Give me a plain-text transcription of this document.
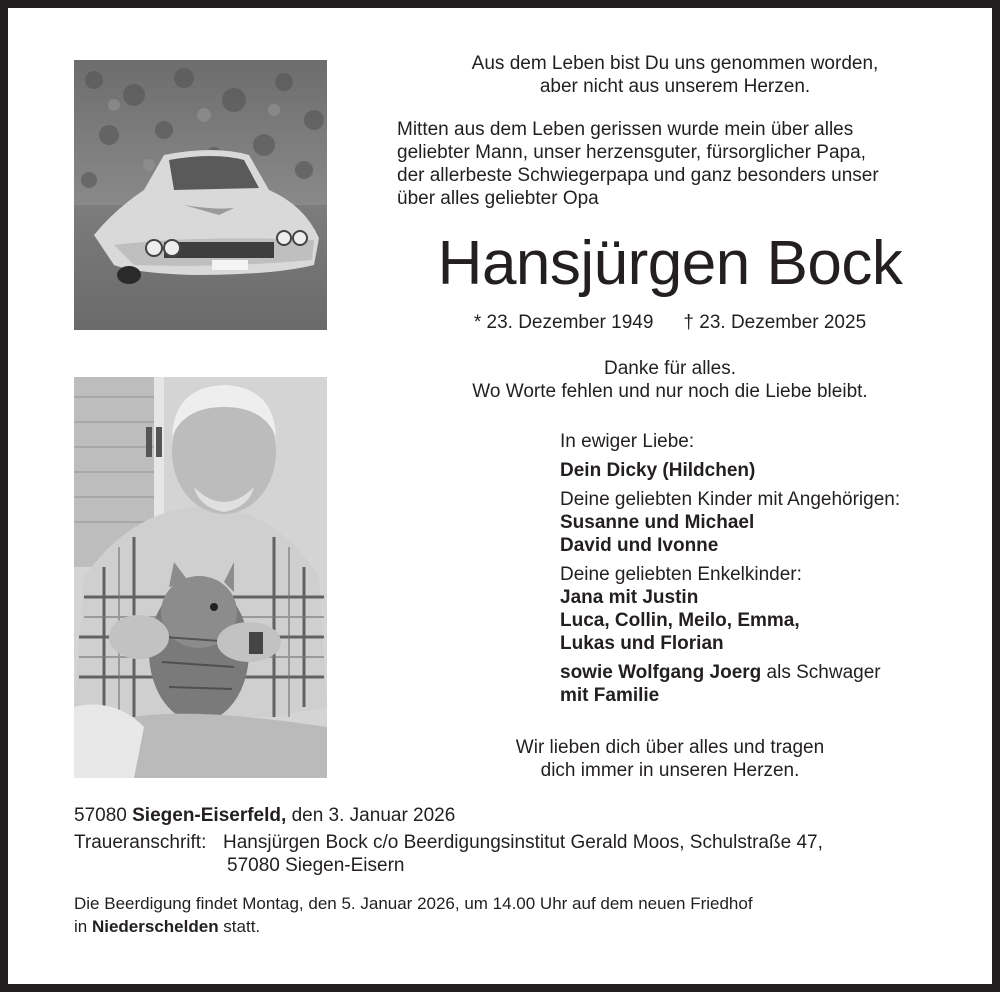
Aus dem Leben bist Du uns genommen worden,
aber nicht aus unserem Herzen.
Mitten aus dem Leben gerissen wurde mein über alles
geliebter Mann, unser herzensguter, fürsorglicher Papa,
der allerbeste Schwiegerpapa und ganz besonders unser
über alles geliebter Opa
Hansjürgen Bock
* 23. Dezember 1949 † 23. Dezember 2025
Danke für alles.
Wo Worte fehlen und nur noch die Liebe bleibt.
In ewiger Liebe:
Dein Dicky (Hildchen)
Deine geliebten Kinder mit Angehörigen:
Susanne und Michael
David und Ivonne
Deine geliebten Enkelkinder:
Jana mit Justin
Luca, Collin, Meilo, Emma,
Lukas und Florian
sowie Wolfgang Joerg als Schwager
mit Familie
Wir lieben dich über alles und tragen
dich immer in unseren Herzen.
57080 Siegen-Eiserfeld, den 3. Januar 2026
Traueranschrift: Hansjürgen Bock c/o Beerdigungsinstitut Gerald Moos, Schulstraße 47,
57080 Siegen-Eisern
Die Beerdigung findet Montag, den 5. Januar 2026, um 14.00 Uhr auf dem neuen Friedhof
in Niederschelden statt.
